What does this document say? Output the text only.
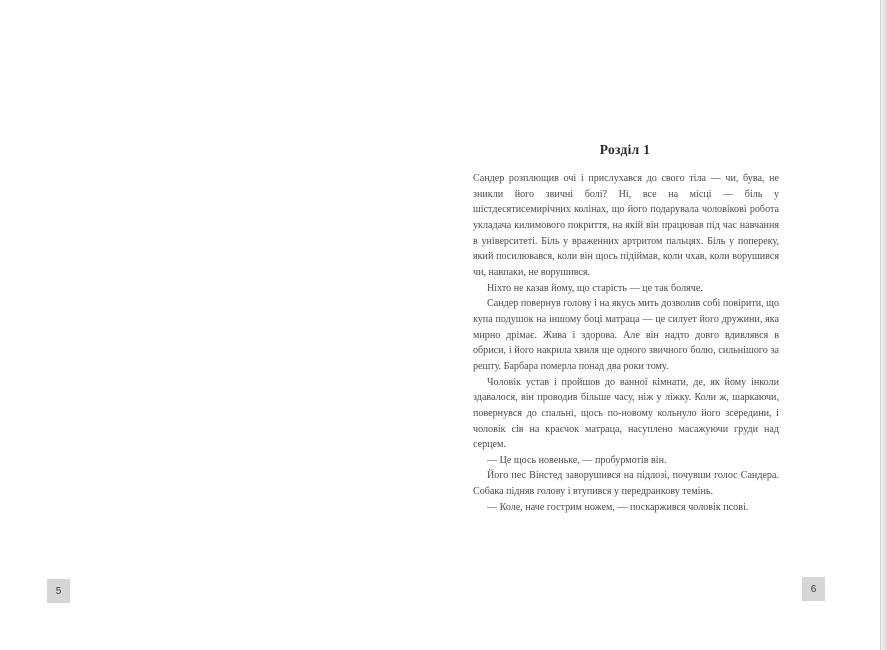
Розділ 1

Сандер розплющив очі і прислухався до свого тіла — чи, бува, не зникли його звичні болі? Ні, все на місці — біль у шістдесятисемирічних колінах, що його подарувала чоловікові робота укладача килимового покриття, на якій він працював під час навчання в університеті. Біль у враженних артритом пальцях. Біль у попереку, який посилювався, коли він щось підіймав, коли чхав, коли ворушився чи, навпаки, не ворушився.

Ніхто не казав йому, що старість — це так боляче.

Сандер повернув голову і на якусь мить дозволив собі повірити, що купа подушок на іншому боці матраца — це силует його дружини, яка мирно дрімає. Жива і здорова. Але він надто довго вдивлявся в обриси, і його накрила хвиля ще одного звичного болю, сильнішого за решту. Барбара померла понад два роки тому.

Чоловік устав і пройшов до ванної кімнати, де, як йому інколи здавалося, він проводив більше часу, ніж у ліжку. Коли ж, шаркаючи, повернувся до спальні, щось по-новому кольнуло його зсередини, і чоловік сів на краєчок матраца, насуплено масажуючи груди над серцем.

— Це щось новеньке, — пробурмотів він.

Його пес Вінстед заворушився на підлозі, почувши голос Сандера. Собака підняв голову і втупився у передранкову темінь.

— Коле, наче гострим ножем, — поскаржився чоловік псові.

5	6
